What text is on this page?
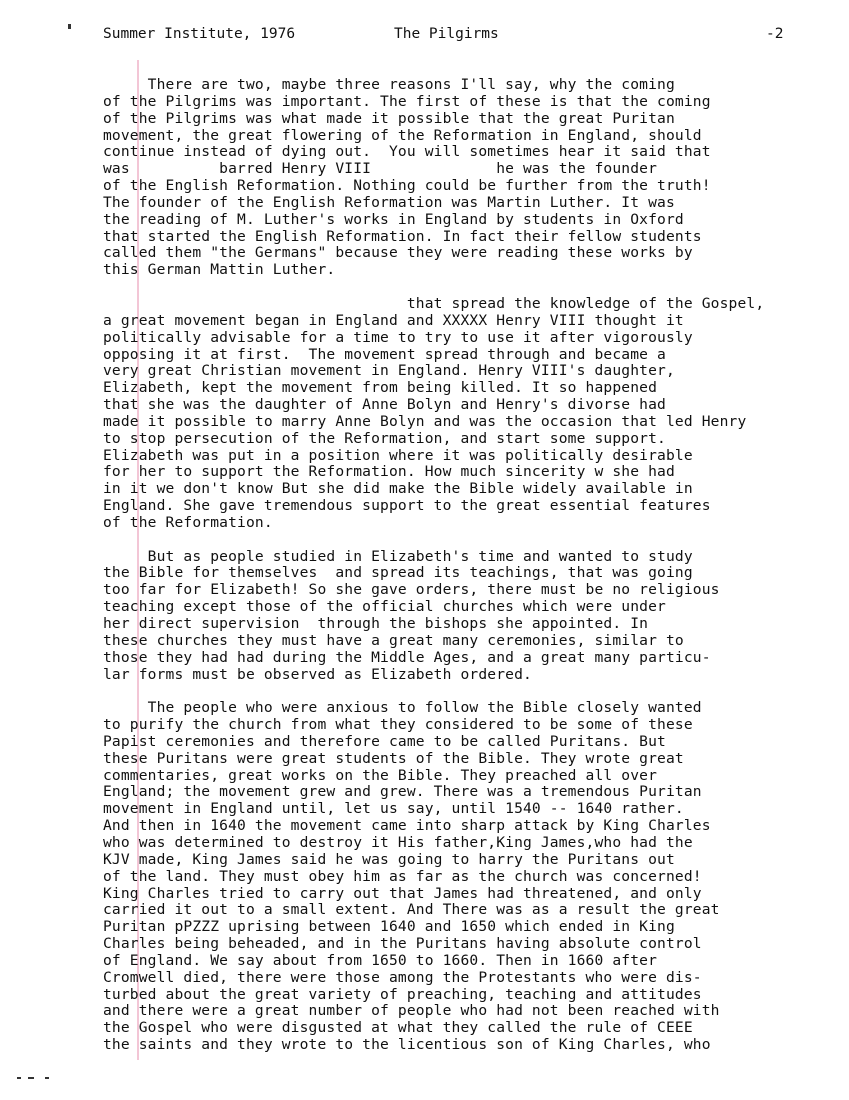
Summer Institute, 1976	The Pilgirms	-2
There are two, maybe three reasons I'll say, why the coming
of the Pilgrims was important. The first of these is that the coming
of the Pilgrims was what made it possible that the great Puritan
movement, the great flowering of the Reformation in England, should
continue instead of dying out.  You will sometimes hear it said that
was          barred Henry VIII              he was the founder
of the English Reformation. Nothing could be further from the truth!
The founder of the English Reformation was Martin Luther. It was
the reading of M. Luther's works in England by students in Oxford
that started the English Reformation. In fact their fellow students
called them "the Germans" because they were reading these works by
this German Mattin Luther.
that spread the knowledge of the Gospel,
a great movement began in England and XXXXX Henry VIII thought it
politically advisable for a time to try to use it after vigorously
opposing it at first.  The movement spread through and became a
very great Christian movement in England. Henry VIII's daughter,
Elizabeth, kept the movement from being killed. It so happened
that she was the daughter of Anne Bolyn and Henry's divorse had
made it possible to marry Anne Bolyn and was the occasion that led Henry
to stop persecution of the Reformation, and start some support.
Elizabeth was put in a position where it was politically desirable
for her to support the Reformation. How much sincerity w she had
in it we don't know But she did make the Bible widely available in
England. She gave tremendous support to the great essential features
of the Reformation.
But as people studied in Elizabeth's time and wanted to study
the Bible for themselves  and spread its teachings, that was going
too far for Elizabeth! So she gave orders, there must be no religious
teaching except those of the official churches which were under
her direct supervision  through the bishops she appointed. In
these churches they must have a great many ceremonies, similar to
those they had had during the Middle Ages, and a great many particu-
lar forms must be observed as Elizabeth ordered.
The people who were anxious to follow the Bible closely wanted
to purify the church from what they considered to be some of these
Papist ceremonies and therefore came to be called Puritans. But
these Puritans were great students of the Bible. They wrote great
commentaries, great works on the Bible. They preached all over
England; the movement grew and grew. There was a tremendous Puritan
movement in England until, let us say, until 1540 -- 1640 rather.
And then in 1640 the movement came into sharp attack by King Charles
who was determined to destroy it His father,King James,who had the
KJV made, King James said he was going to harry the Puritans out
of the land. They must obey him as far as the church was concerned!
King Charles tried to carry out that James had threatened, and only
carried it out to a small extent. And There was as a result the great
Puritan pPZZZ uprising between 1640 and 1650 which ended in King
Charles being beheaded, and in the Puritans having absolute control
of England. We say about from 1650 to 1660. Then in 1660 after
Cromwell died, there were those among the Protestants who were dis-
turbed about the great variety of preaching, teaching and attitudes
and there were a great number of people who had not been reached with
the Gospel who were disgusted at what they called the rule of CEEE
the saints and they wrote to the licentious son of King Charles, who
